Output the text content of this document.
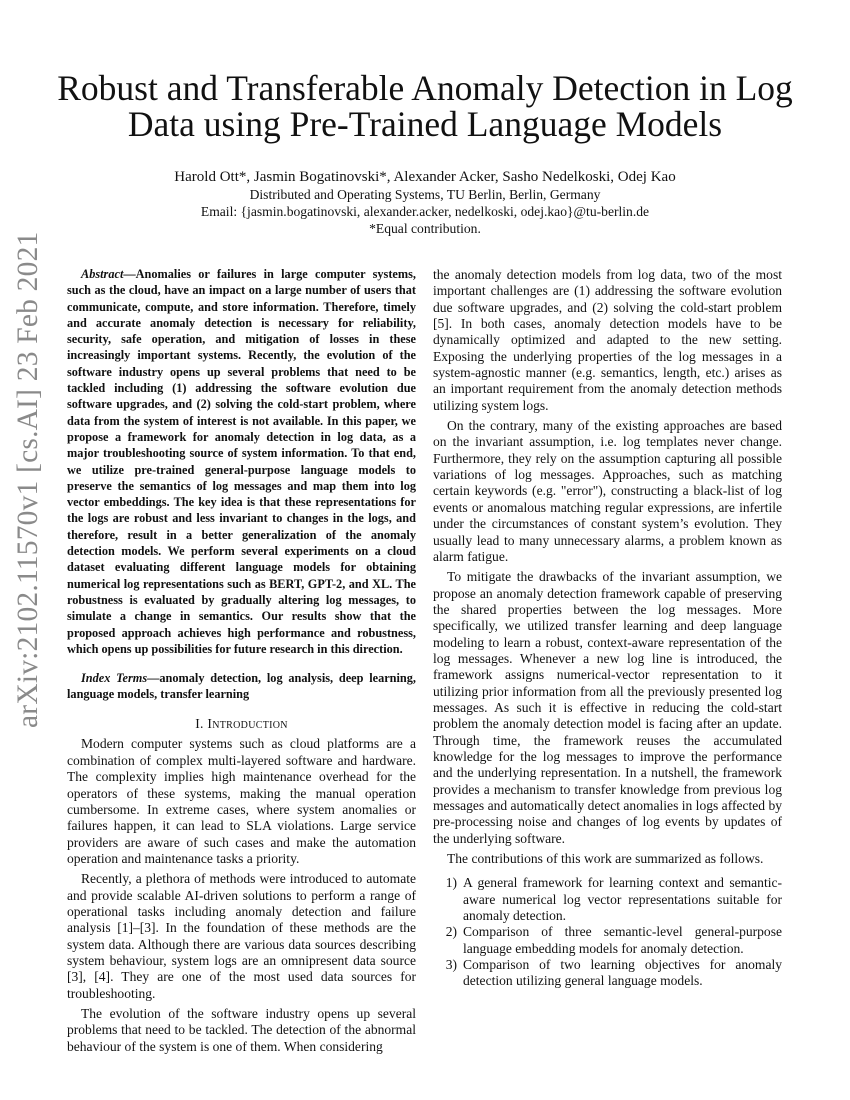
arXiv:2102.11570v1 [cs.AI] 23 Feb 2021
Robust and Transferable Anomaly Detection in Log
Data using Pre-Trained Language Models
Harold Ott*, Jasmin Bogatinovski*, Alexander Acker, Sasho Nedelkoski, Odej Kao
Distributed and Operating Systems, TU Berlin, Berlin, Germany
Email: {jasmin.bogatinovski, alexander.acker, nedelkoski, odej.kao}@tu-berlin.de
*Equal contribution.

Abstract—Anomalies or failures in large computer systems, such as the cloud, have an impact on a large number of users that communicate, compute, and store information. Therefore, timely and accurate anomaly detection is necessary for reliability, security, safe operation, and mitigation of losses in these increasingly important systems. Recently, the evolution of the software industry opens up several problems that need to be tackled including (1) addressing the software evolution due software upgrades, and (2) solving the cold-start problem, where data from the system of interest is not available. In this paper, we propose a framework for anomaly detection in log data, as a major troubleshooting source of system information. To that end, we utilize pre-trained general-purpose language models to preserve the semantics of log messages and map them into log vector embeddings. The key idea is that these representations for the logs are robust and less invariant to changes in the logs, and therefore, result in a better generalization of the anomaly detection models. We perform several experiments on a cloud dataset evaluating different language models for obtaining numerical log representations such as BERT, GPT-2, and XL. The robustness is evaluated by gradually altering log messages, to simulate a change in semantics. Our results show that the proposed approach achieves high performance and robustness, which opens up possibilities for future research in this direction.

Index Terms—anomaly detection, log analysis, deep learning, language models, transfer learning

I. Introduction

Modern computer systems such as cloud platforms are a combination of complex multi-layered software and hardware. The complexity implies high maintenance overhead for the operators of these systems, making the manual operation cumbersome. In extreme cases, where system anomalies or failures happen, it can lead to SLA violations. Large service providers are aware of such cases and make the automation operation and maintenance tasks a priority.

Recently, a plethora of methods were introduced to automate and provide scalable AI-driven solutions to perform a range of operational tasks including anomaly detection and failure analysis [1]–[3]. In the foundation of these methods are the system data. Although there are various data sources describing system behaviour, system logs are an omnipresent data source [3], [4]. They are one of the most used data sources for troubleshooting.

The evolution of the software industry opens up several problems that need to be tackled. The detection of the abnormal behaviour of the system is one of them. When considering

the anomaly detection models from log data, two of the most important challenges are (1) addressing the software evolution due software upgrades, and (2) solving the cold-start problem [5]. In both cases, anomaly detection models have to be dynamically optimized and adapted to the new setting. Exposing the underlying properties of the log messages in a system-agnostic manner (e.g. semantics, length, etc.) arises as an important requirement from the anomaly detection methods utilizing system logs.

On the contrary, many of the existing approaches are based on the invariant assumption, i.e. log templates never change. Furthermore, they rely on the assumption capturing all possible variations of log messages. Approaches, such as matching certain keywords (e.g. "error"), constructing a black-list of log events or anomalous matching regular expressions, are infertile under the circumstances of constant system’s evolution. They usually lead to many unnecessary alarms, a problem known as alarm fatigue.

To mitigate the drawbacks of the invariant assumption, we propose an anomaly detection framework capable of preserving the shared properties between the log messages. More specifically, we utilized transfer learning and deep language modeling to learn a robust, context-aware representation of the log messages. Whenever a new log line is introduced, the framework assigns numerical-vector representation to it utilizing prior information from all the previously presented log messages. As such it is effective in reducing the cold-start problem the anomaly detection model is facing after an update. Through time, the framework reuses the accumulated knowledge for the log messages to improve the performance and the underlying representation. In a nutshell, the framework provides a mechanism to transfer knowledge from previous log messages and automatically detect anomalies in logs affected by pre-processing noise and changes of log events by updates of the underlying software.

The contributions of this work are summarized as follows.

1) A general framework for learning context and semantic-aware numerical log vector representations suitable for anomaly detection.
2) Comparison of three semantic-level general-purpose language embedding models for anomaly detection.
3) Comparison of two learning objectives for anomaly detection utilizing general language models.
